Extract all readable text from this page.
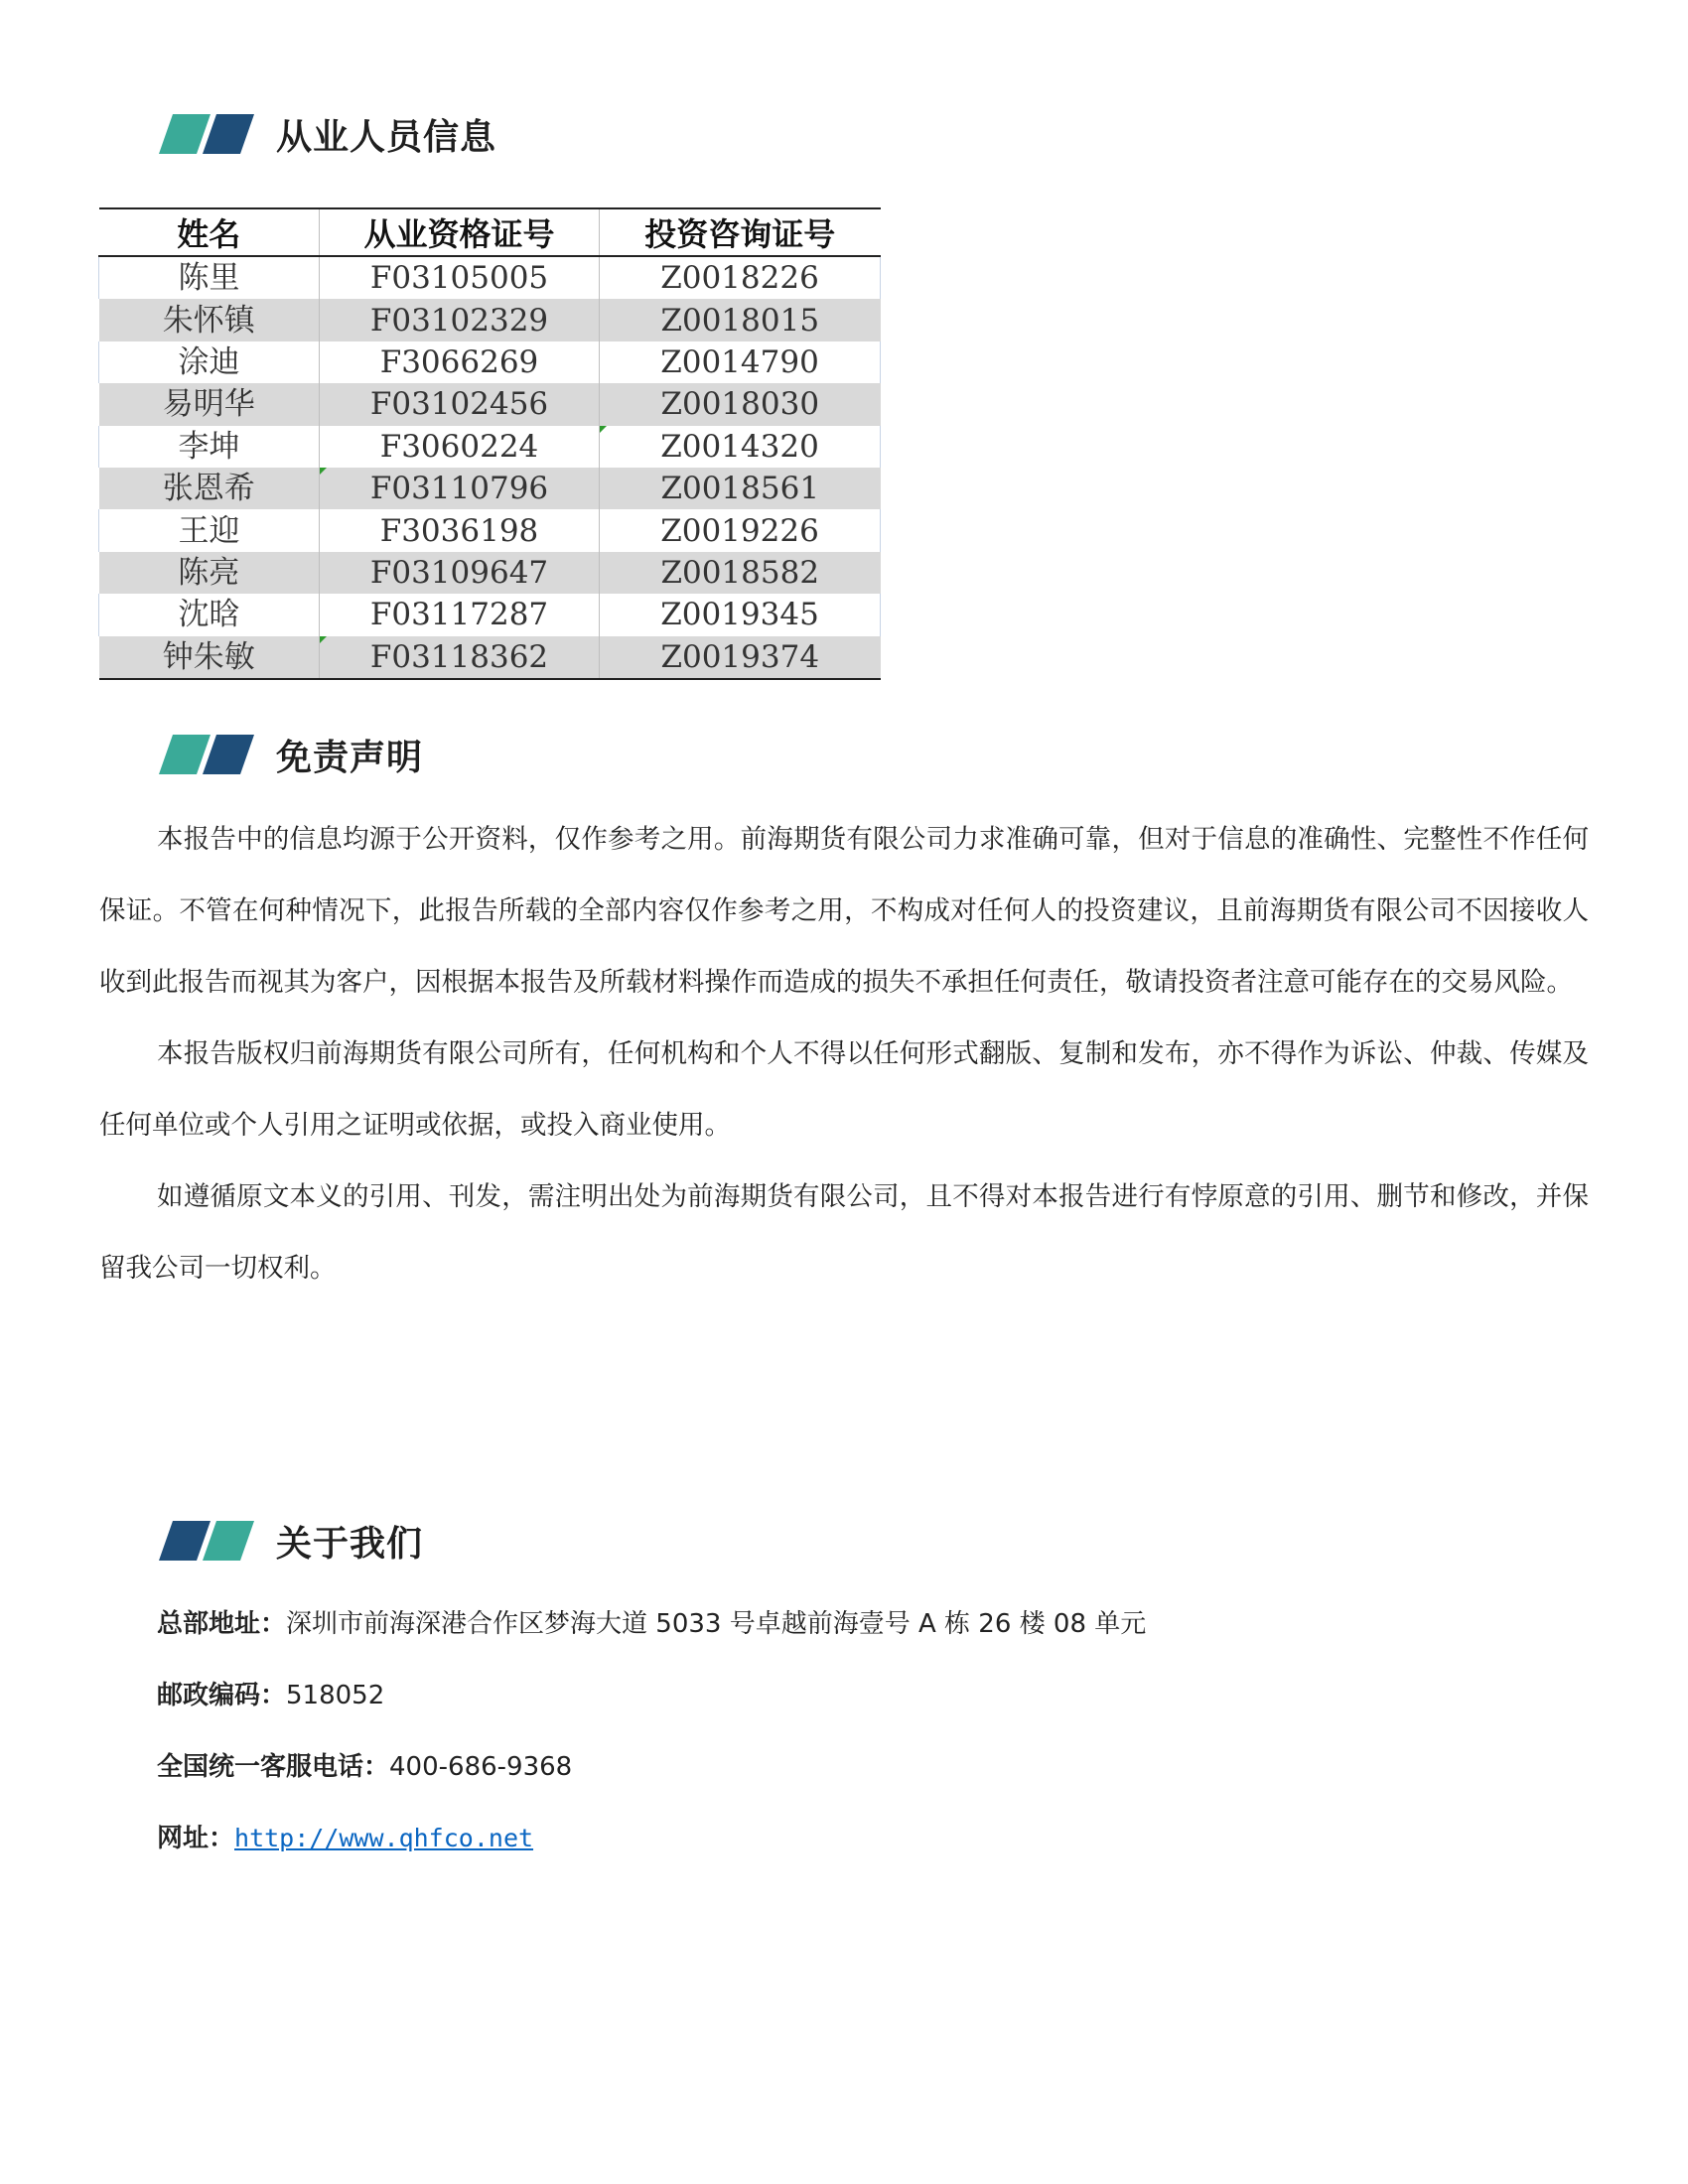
从业人员信息
姓名	从业资格证号	投资咨询证号
陈里	F03105005	Z0018226
朱怀镇	F03102329	Z0018015
涂迪	F3066269	Z0014790
易明华	F03102456	Z0018030
李坤	F3060224	Z0014320
张恩希	F03110796	Z0018561
王迎	F3036198	Z0019226
陈亮	F03109647	Z0018582
沈晗	F03117287	Z0019345
钟朱敏	F03118362	Z0019374
免责声明

本报告中的信息均源于公开资料，仅作参考之用。前海期货有限公司力求准确可靠，但对于信息的准确性、完整性不作任何保证。不管在何种情况下，此报告所载的全部内容仅作参考之用，不构成对任何人的投资建议，且前海期货有限公司不因接收人收到此报告而视其为客户，因根据本报告及所载材料操作而造成的损失不承担任何责任，敬请投资者注意可能存在的交易风险。

本报告版权归前海期货有限公司所有，任何机构和个人不得以任何形式翻版、复制和发布，亦不得作为诉讼、仲裁、传媒及任何单位或个人引用之证明或依据，或投入商业使用。

如遵循原文本义的引用、刊发，需注明出处为前海期货有限公司，且不得对本报告进行有悖原意的引用、删节和修改，并保留我公司一切权利。

关于我们
总部地址：深圳市前海深港合作区梦海大道 5033 号卓越前海壹号 A 栋 26 楼 08 单元
邮政编码：518052
全国统一客服电话：400-686-9368
网址：http://www.qhfco.net
